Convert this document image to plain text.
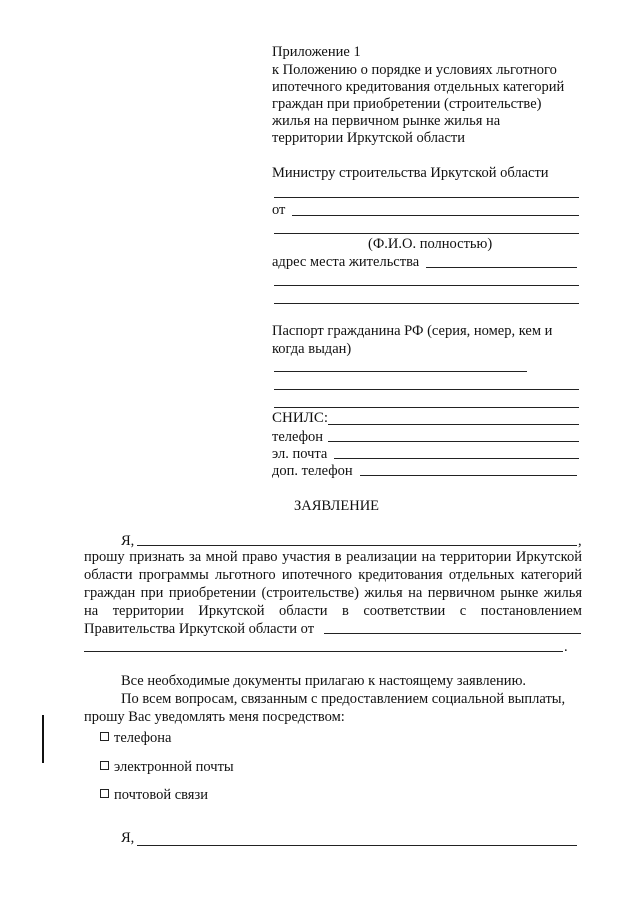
Приложение 1
к Положению о порядке и условиях льготного
ипотечного кредитования отдельных категорий
граждан при приобретении (строительстве)
жилья на первичном рынке жилья на
территории Иркутской области
Министру строительства Иркутской области
от
(Ф.И.О. полностью)
адрес места жительства
Паспорт гражданина РФ (серия, номер, кем и
когда выдан)
СНИЛС:
телефон
эл. почта
доп. телефон
ЗАЯВЛЕНИЕ
Я,	,
прошу признать за мной право участия в реализации на территории Иркутской
области программы льготного ипотечного кредитования отдельных категорий
граждан при приобретении (строительстве) жилья на первичном рынке жилья
на территории Иркутской области в соответствии с постановлением
Правительства Иркутской области от
.
Все необходимые документы прилагаю к настоящему заявлению.
По всем вопросам, связанным с предоставлением социальной выплаты,
прошу Вас уведомлять меня посредством:
телефона
электронной почты
почтовой связи
Я,
